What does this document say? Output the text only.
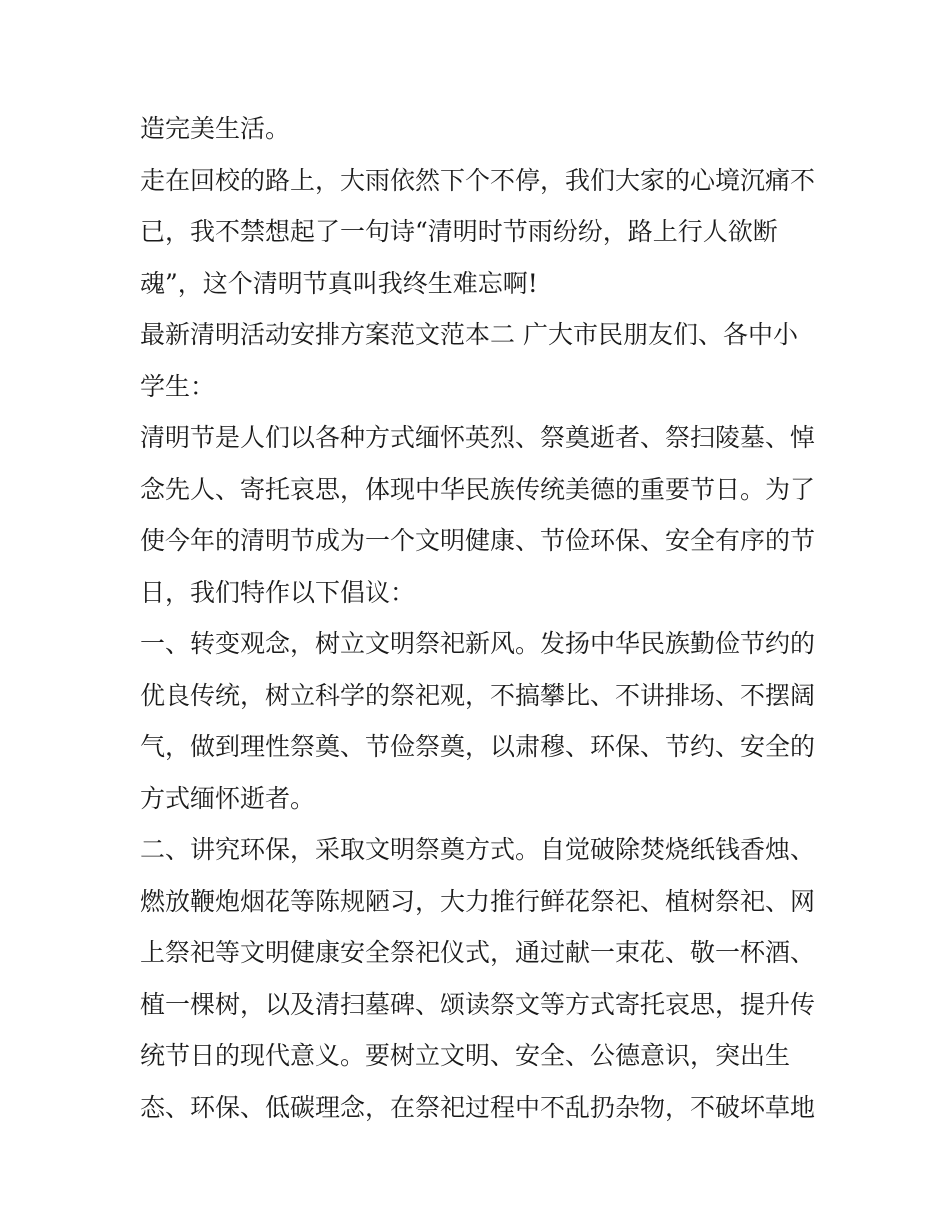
造完美生活。
走在回校的路上，大雨依然下个不停，我们大家的心境沉痛不
已，我不禁想起了一句诗“清明时节雨纷纷，路上行人欲断
魂”，这个清明节真叫我终生难忘啊!
最新清明活动安排方案范文范本二 广大市民朋友们、各中小
学生：
清明节是人们以各种方式缅怀英烈、祭奠逝者、祭扫陵墓、悼
念先人、寄托哀思，体现中华民族传统美德的重要节日。为了
使今年的清明节成为一个文明健康、节俭环保、安全有序的节
日，我们特作以下倡议：
一、转变观念，树立文明祭祀新风。发扬中华民族勤俭节约的
优良传统，树立科学的祭祀观，不搞攀比、不讲排场、不摆阔
气，做到理性祭奠、节俭祭奠，以肃穆、环保、节约、安全的
方式缅怀逝者。
二、讲究环保，采取文明祭奠方式。自觉破除焚烧纸钱香烛、
燃放鞭炮烟花等陈规陋习，大力推行鲜花祭祀、植树祭祀、网
上祭祀等文明健康安全祭祀仪式，通过献一束花、敬一杯酒、
植一棵树，以及清扫墓碑、颂读祭文等方式寄托哀思，提升传
统节日的现代意义。要树立文明、安全、公德意识，突出生
态、环保、低碳理念，在祭祀过程中不乱扔杂物，不破坏草地
